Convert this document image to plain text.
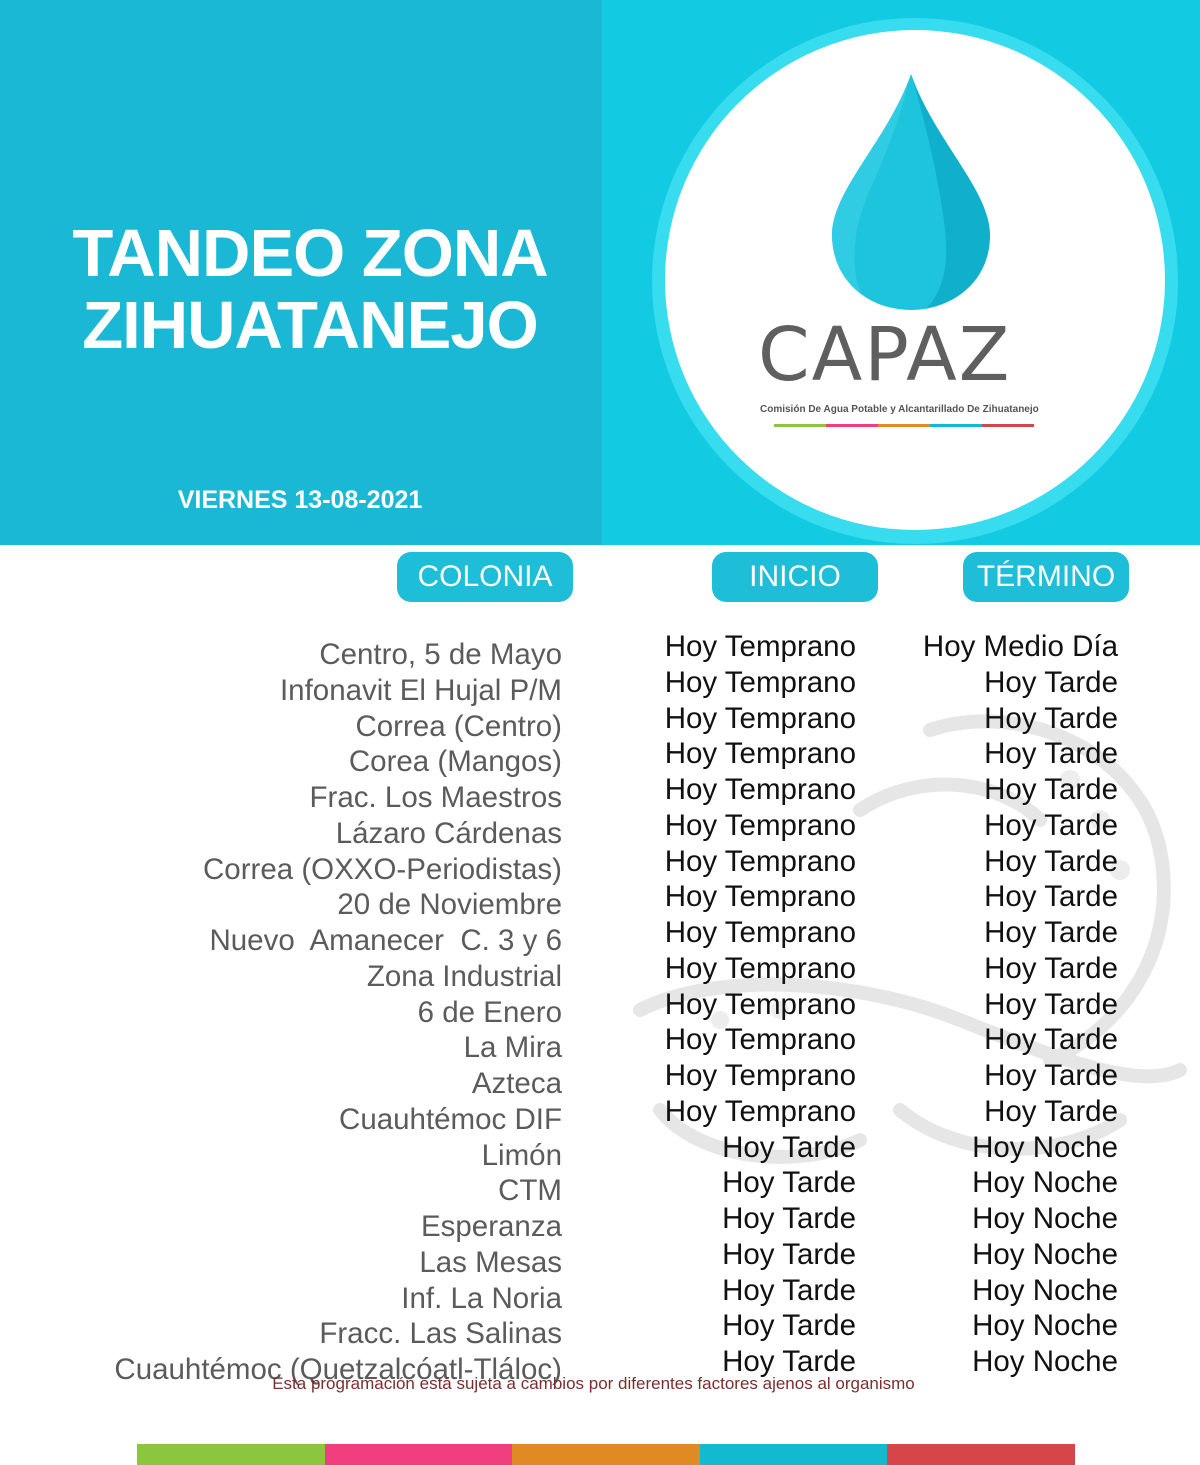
TANDEO ZONA
ZIHUATANEJO
VIERNES 13-08-2021
CAPAZ
Comisión De Agua Potable y Alcantarillado De Zihuatanejo
COLONIA	INICIO	TÉRMINO
Centro, 5 de Mayo
Infonavit El Hujal P/M
Correa (Centro)
Corea (Mangos)
Frac. Los Maestros
Lázaro Cárdenas
Correa (OXXO-Periodistas)
20 de Noviembre
Nuevo  Amanecer  C. 3 y 6
Zona Industrial
6 de Enero
La Mira
Azteca
Cuauhtémoc DIF
Limón
CTM
Esperanza
Las Mesas
Inf. La Noria
Fracc. Las Salinas
Cuauhtémoc (Quetzalcóatl-Tláloc)
Hoy Temprano
Hoy Temprano
Hoy Temprano
Hoy Temprano
Hoy Temprano
Hoy Temprano
Hoy Temprano
Hoy Temprano
Hoy Temprano
Hoy Temprano
Hoy Temprano
Hoy Temprano
Hoy Temprano
Hoy Temprano
Hoy Tarde
Hoy Tarde
Hoy Tarde
Hoy Tarde
Hoy Tarde
Hoy Tarde
Hoy Tarde
Hoy Medio Día
Hoy Tarde
Hoy Tarde
Hoy Tarde
Hoy Tarde
Hoy Tarde
Hoy Tarde
Hoy Tarde
Hoy Tarde
Hoy Tarde
Hoy Tarde
Hoy Tarde
Hoy Tarde
Hoy Tarde
Hoy Noche
Hoy Noche
Hoy Noche
Hoy Noche
Hoy Noche
Hoy Noche
Hoy Noche
Esta programación está sujeta a cambios por diferentes factores ajenos al organismo
